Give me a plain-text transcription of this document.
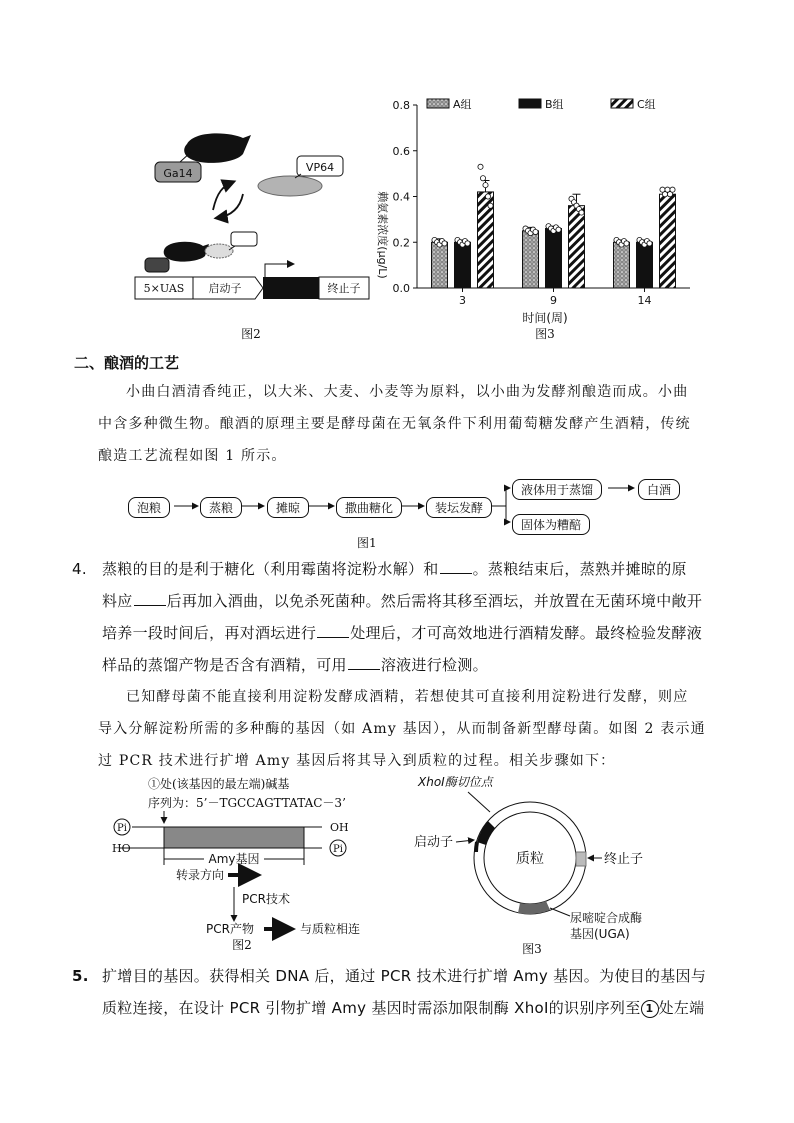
Ga14	VP64
5×UAS 启动子	终止子
图2
0.0
0.2
0.4
0.6
0.8
3	9	14
A组	B组	C组
赖氨素浓度(μg/L)
时间(周)
图3
二、酿酒的工艺
小曲白酒清香纯正，以大米、大麦、小麦等为原料，以小曲为发酵剂酿造而成。小曲
中含多种微生物。酿酒的原理主要是酵母菌在无氧条件下利用葡萄糖发酵产生酒精，传统
酿造工艺流程如图 1 所示。
泡粮	蒸粮	摊晾	撒曲糖化	装坛发酵
液体用于蒸馏
固体为糟醅
白酒
图1
4. 蒸粮的目的是利于糖化（利用霉菌将淀粉水解）和 。蒸粮结束后，蒸熟并摊晾的原
料应 后再加入酒曲，以免杀死菌种。然后需将其移至酒坛，并放置在无菌环境中敞开
培养一段时间后，再对酒坛进行 处理后，才可高效地进行酒精发酵。最终检验发酵液
样品的蒸馏产物是否含有酒精，可用 溶液进行检测。
已知酵母菌不能直接利用淀粉发酵成酒精，若想使其可直接利用淀粉进行发酵，则应
导入分解淀粉所需的多种酶的基因（如 Amy 基因），从而制备新型酵母菌。如图 2 表示通
过 PCR 技术进行扩增 Amy 基因后将其导入到质粒的过程。相关步骤如下：
①处(该基因的最左端)碱基
序列为：5’－TGCCAGTTATAC－3’
Pi	OH
HO	Pi
Amy基因
转录方向
PCR技术
PCR产物	与质粒相连
图2
XhoⅠ酶切位点
质粒
启动子
终止子
尿嘧啶合成酶
基因(UGA)
图3
5. 扩增目的基因。获得相关 DNA 后，通过 PCR 技术进行扩增 Amy 基因。为使目的基因与
质粒连接，在设计 PCR 引物扩增 Amy 基因时需添加限制酶 XhoⅠ的识别序列至 1 处左端
